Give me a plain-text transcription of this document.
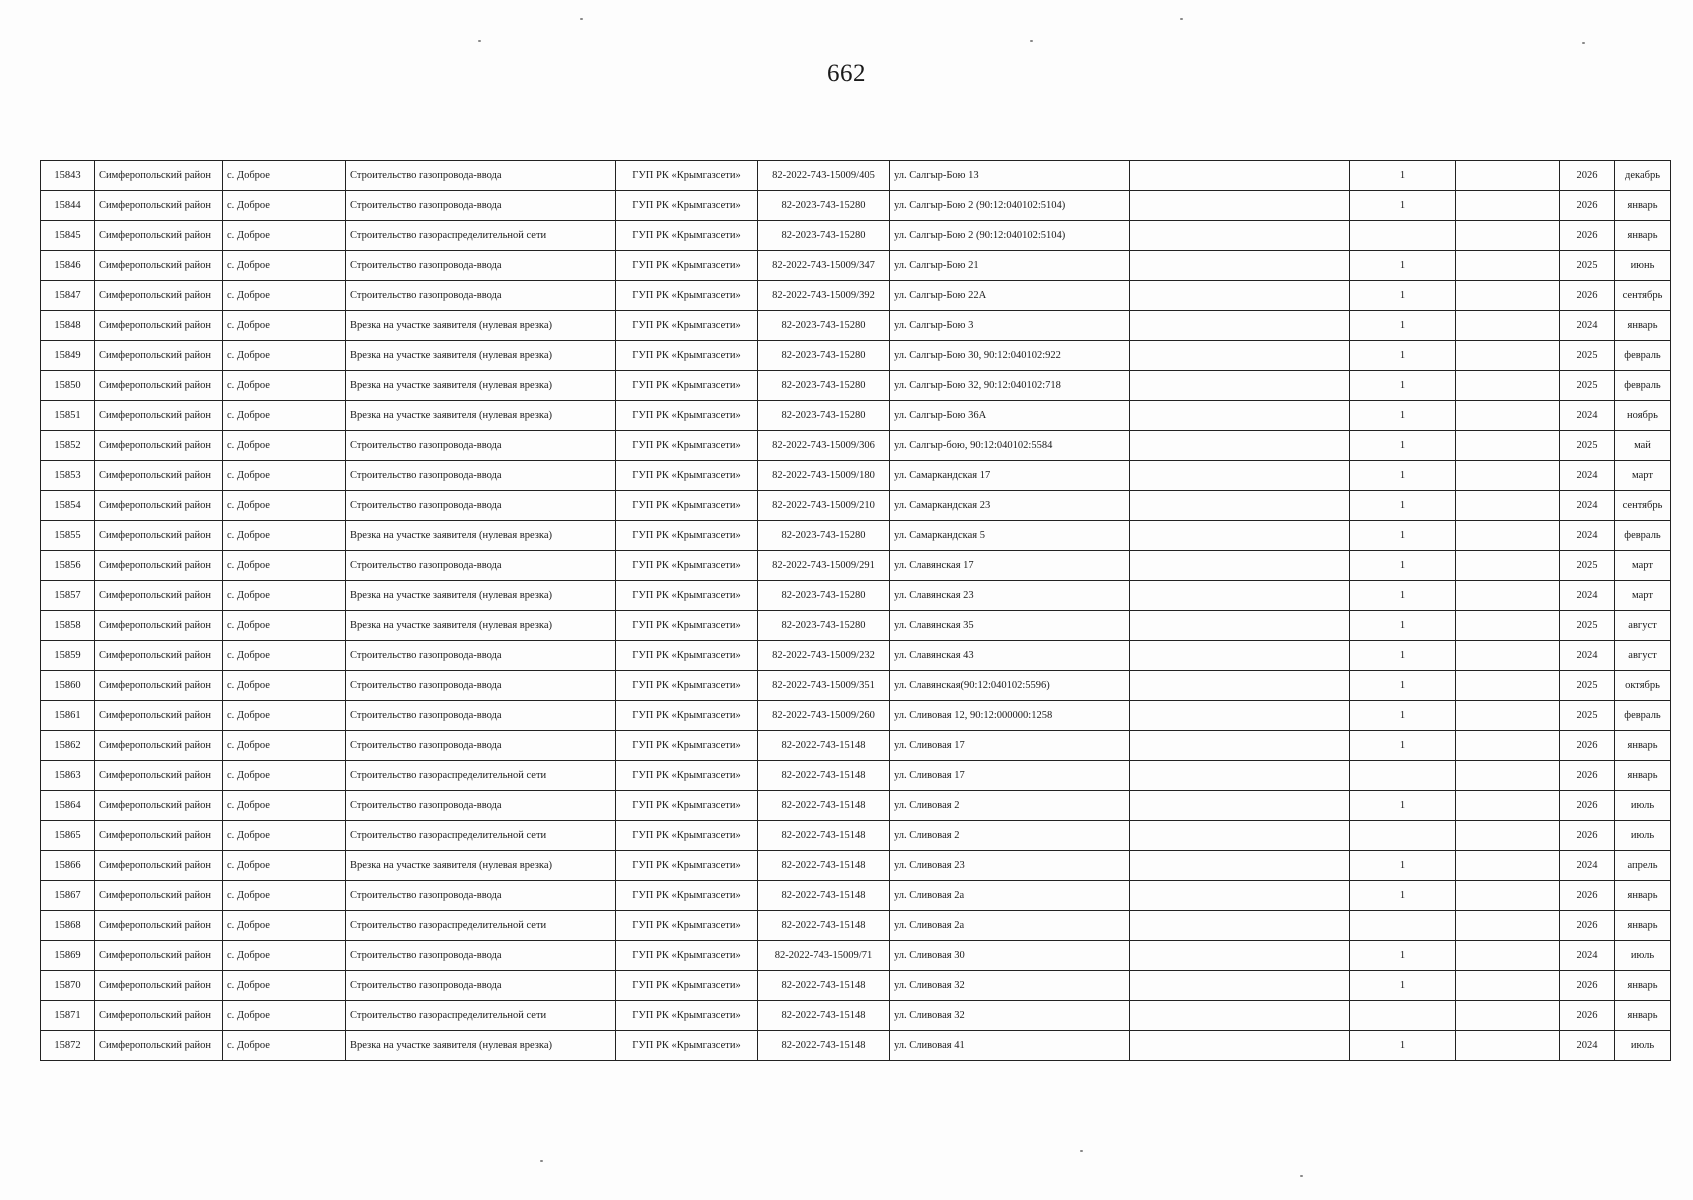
662
15843	Симферопольский район	с. Доброе	Строительство газопровода-ввода	ГУП РК «Крымгазсети»	82-2022-743-15009/405	ул. Салгыр-Бою 13		1		2026	декабрь
15844	Симферопольский район	с. Доброе	Строительство газопровода-ввода	ГУП РК «Крымгазсети»	82-2023-743-15280	ул. Салгыр-Бою 2 (90:12:040102:5104)		1		2026	январь
15845	Симферопольский район	с. Доброе	Строительство газораспределительной сети	ГУП РК «Крымгазсети»	82-2023-743-15280	ул. Салгыр-Бою 2 (90:12:040102:5104)				2026	январь
15846	Симферопольский район	с. Доброе	Строительство газопровода-ввода	ГУП РК «Крымгазсети»	82-2022-743-15009/347	ул. Салгыр-Бою 21		1		2025	июнь
15847	Симферопольский район	с. Доброе	Строительство газопровода-ввода	ГУП РК «Крымгазсети»	82-2022-743-15009/392	ул. Салгыр-Бою 22А		1		2026	сентябрь
15848	Симферопольский район	с. Доброе	Врезка на участке заявителя (нулевая врезка)	ГУП РК «Крымгазсети»	82-2023-743-15280	ул. Салгыр-Бою 3		1		2024	январь
15849	Симферопольский район	с. Доброе	Врезка на участке заявителя (нулевая врезка)	ГУП РК «Крымгазсети»	82-2023-743-15280	ул. Салгыр-Бою 30, 90:12:040102:922		1		2025	февраль
15850	Симферопольский район	с. Доброе	Врезка на участке заявителя (нулевая врезка)	ГУП РК «Крымгазсети»	82-2023-743-15280	ул. Салгыр-Бою 32, 90:12:040102:718		1		2025	февраль
15851	Симферопольский район	с. Доброе	Врезка на участке заявителя (нулевая врезка)	ГУП РК «Крымгазсети»	82-2023-743-15280	ул. Салгыр-Бою 36А		1		2024	ноябрь
15852	Симферопольский район	с. Доброе	Строительство газопровода-ввода	ГУП РК «Крымгазсети»	82-2022-743-15009/306	ул. Салгыр-бою, 90:12:040102:5584		1		2025	май
15853	Симферопольский район	с. Доброе	Строительство газопровода-ввода	ГУП РК «Крымгазсети»	82-2022-743-15009/180	ул. Самаркандская 17		1		2024	март
15854	Симферопольский район	с. Доброе	Строительство газопровода-ввода	ГУП РК «Крымгазсети»	82-2022-743-15009/210	ул. Самаркандская 23		1		2024	сентябрь
15855	Симферопольский район	с. Доброе	Врезка на участке заявителя (нулевая врезка)	ГУП РК «Крымгазсети»	82-2023-743-15280	ул. Самаркандская 5		1		2024	февраль
15856	Симферопольский район	с. Доброе	Строительство газопровода-ввода	ГУП РК «Крымгазсети»	82-2022-743-15009/291	ул. Славянская 17		1		2025	март
15857	Симферопольский район	с. Доброе	Врезка на участке заявителя (нулевая врезка)	ГУП РК «Крымгазсети»	82-2023-743-15280	ул. Славянская 23		1		2024	март
15858	Симферопольский район	с. Доброе	Врезка на участке заявителя (нулевая врезка)	ГУП РК «Крымгазсети»	82-2023-743-15280	ул. Славянская 35		1		2025	август
15859	Симферопольский район	с. Доброе	Строительство газопровода-ввода	ГУП РК «Крымгазсети»	82-2022-743-15009/232	ул. Славянская 43		1		2024	август
15860	Симферопольский район	с. Доброе	Строительство газопровода-ввода	ГУП РК «Крымгазсети»	82-2022-743-15009/351	ул. Славянская(90:12:040102:5596)		1		2025	октябрь
15861	Симферопольский район	с. Доброе	Строительство газопровода-ввода	ГУП РК «Крымгазсети»	82-2022-743-15009/260	ул. Сливовая 12, 90:12:000000:1258		1		2025	февраль
15862	Симферопольский район	с. Доброе	Строительство газопровода-ввода	ГУП РК «Крымгазсети»	82-2022-743-15148	ул. Сливовая 17		1		2026	январь
15863	Симферопольский район	с. Доброе	Строительство газораспределительной сети	ГУП РК «Крымгазсети»	82-2022-743-15148	ул. Сливовая 17				2026	январь
15864	Симферопольский район	с. Доброе	Строительство газопровода-ввода	ГУП РК «Крымгазсети»	82-2022-743-15148	ул. Сливовая 2		1		2026	июль
15865	Симферопольский район	с. Доброе	Строительство газораспределительной сети	ГУП РК «Крымгазсети»	82-2022-743-15148	ул. Сливовая 2				2026	июль
15866	Симферопольский район	с. Доброе	Врезка на участке заявителя (нулевая врезка)	ГУП РК «Крымгазсети»	82-2022-743-15148	ул. Сливовая 23		1		2024	апрель
15867	Симферопольский район	с. Доброе	Строительство газопровода-ввода	ГУП РК «Крымгазсети»	82-2022-743-15148	ул. Сливовая 2а		1		2026	январь
15868	Симферопольский район	с. Доброе	Строительство газораспределительной сети	ГУП РК «Крымгазсети»	82-2022-743-15148	ул. Сливовая 2а				2026	январь
15869	Симферопольский район	с. Доброе	Строительство газопровода-ввода	ГУП РК «Крымгазсети»	82-2022-743-15009/71	ул. Сливовая 30		1		2024	июль
15870	Симферопольский район	с. Доброе	Строительство газопровода-ввода	ГУП РК «Крымгазсети»	82-2022-743-15148	ул. Сливовая 32		1		2026	январь
15871	Симферопольский район	с. Доброе	Строительство газораспределительной сети	ГУП РК «Крымгазсети»	82-2022-743-15148	ул. Сливовая 32				2026	январь
15872	Симферопольский район	с. Доброе	Врезка на участке заявителя (нулевая врезка)	ГУП РК «Крымгазсети»	82-2022-743-15148	ул. Сливовая 41		1		2024	июль
